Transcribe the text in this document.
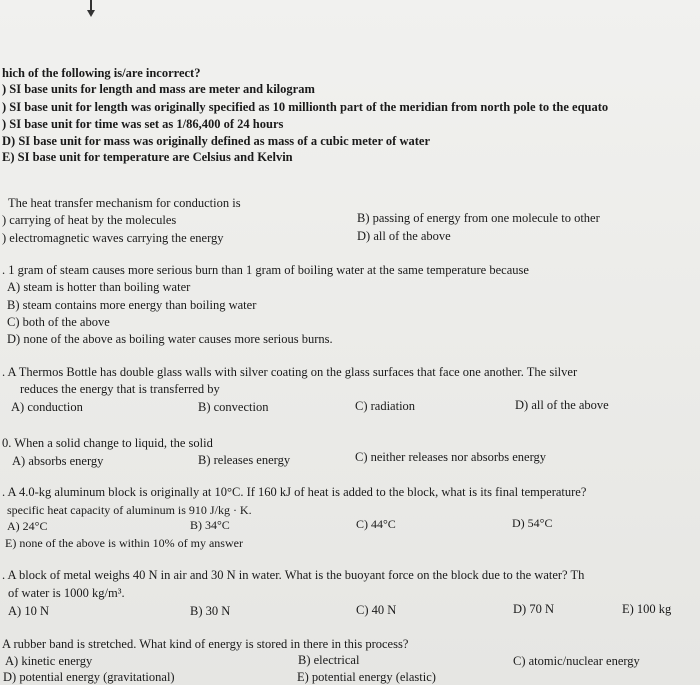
hich of the following is/are incorrect?
) SI base units for length and mass are meter and kilogram
) SI base unit for length was originally specified as 10 millionth part of the meridian from north pole to the equato
) SI base unit for time was set as 1/86,400 of 24 hours
D) SI base unit for mass was originally defined as mass of a cubic meter of water
E) SI base unit for temperature are Celsius and Kelvin
The heat transfer mechanism for conduction is
) carrying of heat by the molecules	B) passing of energy from one molecule to other
) electromagnetic waves carrying the energy	D) all of the above
. 1 gram of steam causes more serious burn than 1 gram of boiling water at the same temperature because
A) steam is hotter than boiling water
B) steam contains more energy than boiling water
C) both of the above
D) none of the above as boiling water causes more serious burns.
. A Thermos Bottle has double glass walls with silver coating on the glass surfaces that face one another. The silver
reduces the energy that is transferred by
A) conduction	B) convection	C) radiation	D) all of the above
0. When a solid change to liquid, the solid
A) absorbs energy	B) releases energy	C) neither releases nor absorbs energy
. A 4.0-kg aluminum block is originally at 10°C. If 160 kJ of heat is added to the block, what is its final temperature?
specific heat capacity of aluminum is 910 J/kg · K.
A) 24°C	B) 34°C	C) 44°C	D) 54°C
E) none of the above is within 10% of my answer
. A block of metal weighs 40 N in air and 30 N in water. What is the buoyant force on the block due to the water? Th
of water is 1000 kg/m³.
A) 10 N	B) 30 N	C) 40 N	D) 70 N	E) 100 kg
A rubber band is stretched. What kind of energy is stored in there in this process?
A) kinetic energy	B) electrical	C) atomic/nuclear energy
D) potential energy (gravitational)	E) potential energy (elastic)
